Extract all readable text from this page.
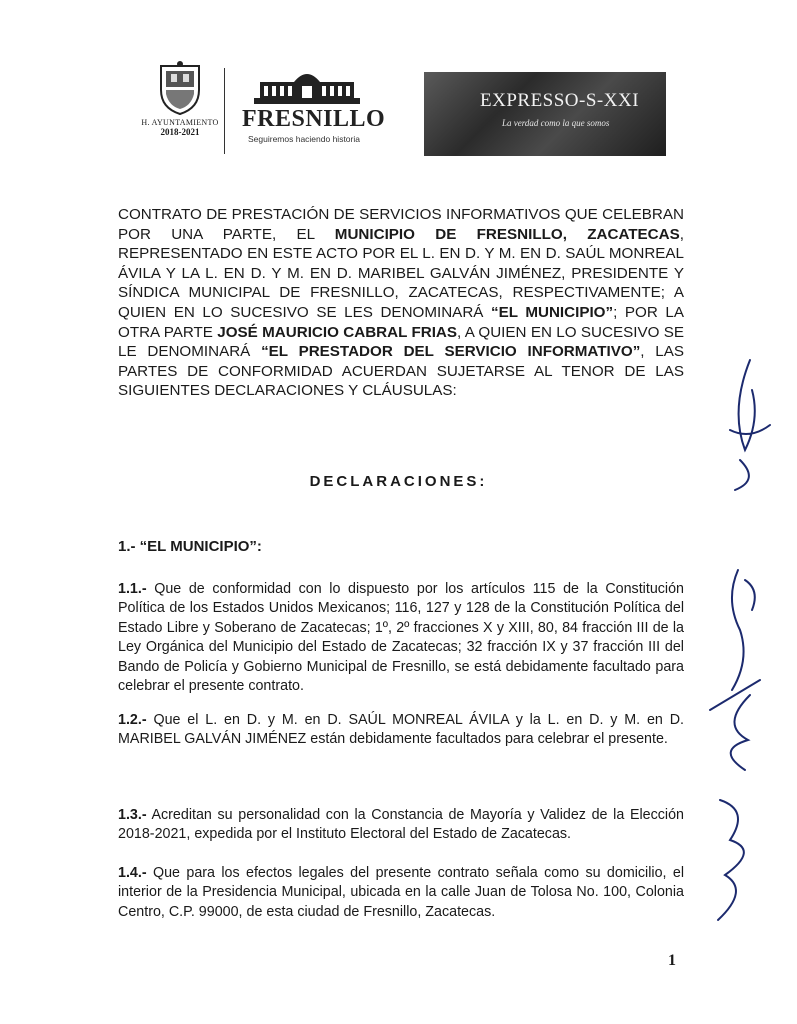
H. AYUNTAMIENTO
2018-2021	FRESNILLO
Seguiremos haciendo historia
EXPRESSO-S-XXI
La verdad como la que somos
CONTRATO DE PRESTACIÓN DE SERVICIOS INFORMATIVOS QUE CELEBRAN POR UNA PARTE, EL MUNICIPIO DE FRESNILLO, ZACATECAS, REPRESENTADO EN ESTE ACTO POR EL L. EN D. Y M. EN D. SAÚL MONREAL ÁVILA Y LA L. EN D. Y M. EN D. MARIBEL GALVÁN JIMÉNEZ, PRESIDENTE Y SÍNDICA MUNICIPAL DE FRESNILLO, ZACATECAS, RESPECTIVAMENTE; A QUIEN EN LO SUCESIVO SE LES DENOMINARÁ “EL MUNICIPIO”; POR LA OTRA PARTE JOSÉ MAURICIO CABRAL FRIAS, A QUIEN EN LO SUCESIVO SE LE DENOMINARÁ “EL PRESTADOR DEL SERVICIO INFORMATIVO”, LAS PARTES DE CONFORMIDAD ACUERDAN SUJETARSE AL TENOR DE LAS SIGUIENTES DECLARACIONES Y CLÁUSULAS:
DECLARACIONES:
1.- “EL MUNICIPIO”:
1.1.- Que de conformidad con lo dispuesto por los artículos 115 de la Constitución Política de los Estados Unidos Mexicanos; 116, 127 y 128 de la Constitución Política del Estado Libre y Soberano de Zacatecas; 1º, 2º fracciones X y XIII, 80, 84 fracción III de la Ley Orgánica del Municipio del Estado de Zacatecas; 32 fracción IX y 37 fracción III del Bando de Policía y Gobierno Municipal de Fresnillo, se está debidamente facultado para celebrar el presente contrato.
1.2.- Que el L. en D. y M. en D. SAÚL MONREAL ÁVILA y la L. en D. y M. en D. MARIBEL GALVÁN JIMÉNEZ están debidamente facultados para celebrar el presente.
1.3.- Acreditan su personalidad con la Constancia de Mayoría y Validez de la Elección 2018-2021, expedida por el Instituto Electoral del Estado de Zacatecas.
1.4.- Que para los efectos legales del presente contrato señala como su domicilio, el interior de la Presidencia Municipal, ubicada en la calle Juan de Tolosa No. 100, Colonia Centro, C.P. 99000, de esta ciudad de Fresnillo, Zacatecas.
1
